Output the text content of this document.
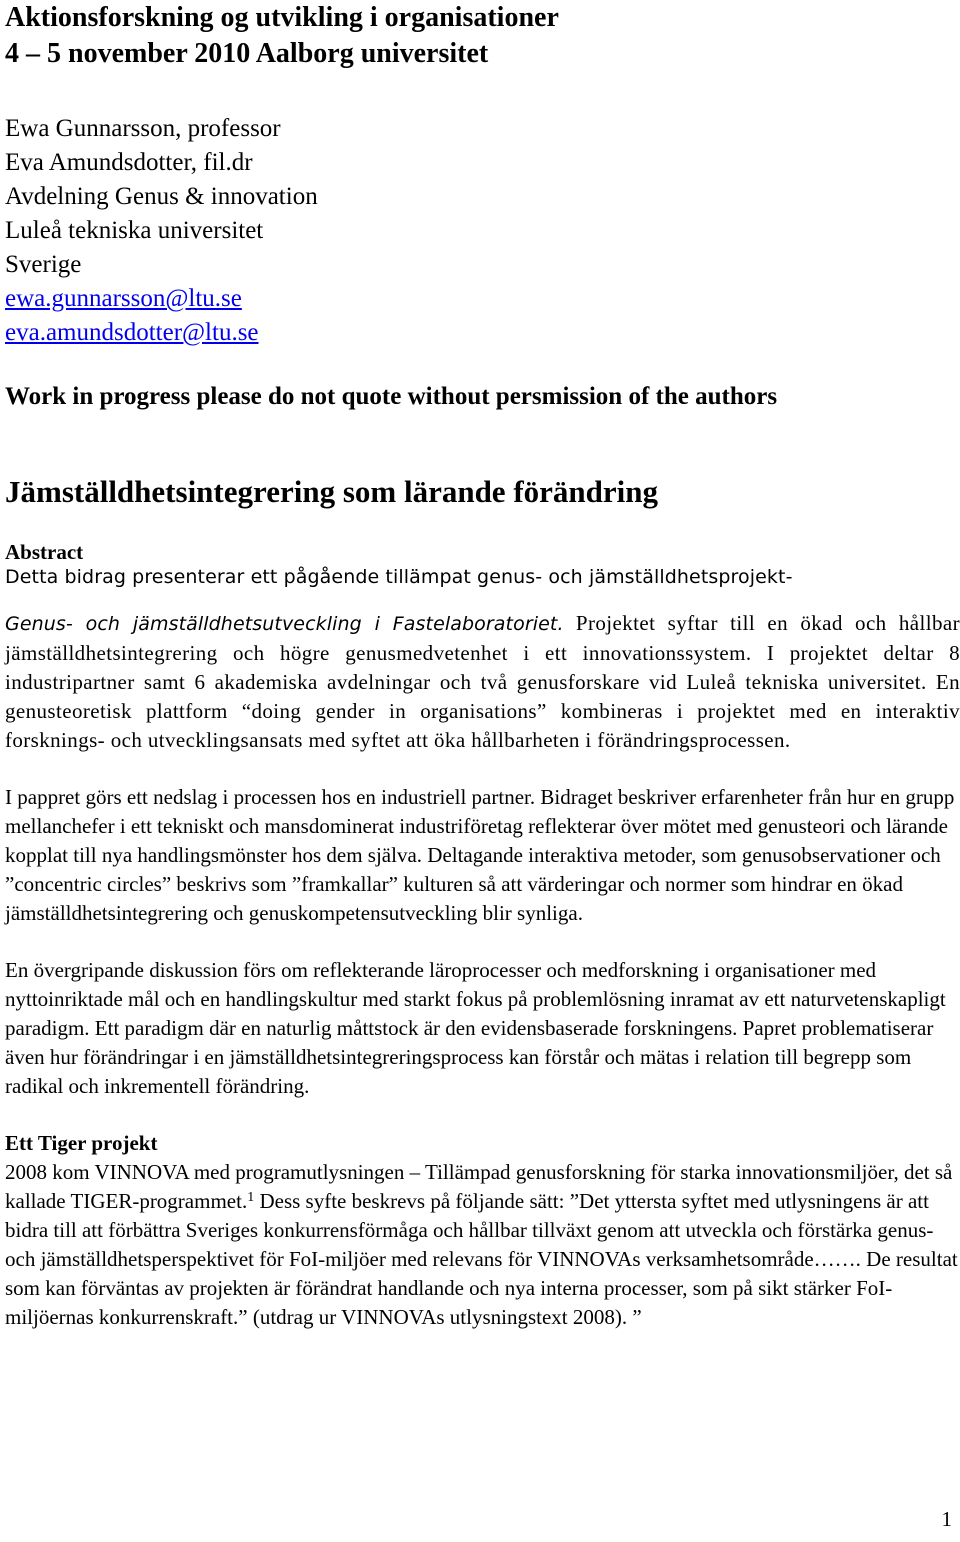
Aktionsforskning og utvikling i organisationer
4 – 5 november 2010 Aalborg universitet
Ewa Gunnarsson, professor
Eva Amundsdotter, fil.dr
Avdelning Genus & innovation
Luleå tekniska universitet
Sverige
ewa.gunnarsson@ltu.se
eva.amundsdotter@ltu.se
Work in progress please do not quote without persmission of the authors
Jämställdhetsintegrering som lärande förändring
Abstract
Detta bidrag presenterar ett pågående tillämpat genus- och jämställdhetsprojekt-

Genus- och jämställdhetsutveckling i Fastelaboratoriet. Projektet syftar till en ökad och hållbar jämställdhetsintegrering och högre genusmedvetenhet i ett innovationssystem. I projektet deltar 8 industripartner samt 6 akademiska avdelningar och två genusforskare vid Luleå tekniska universitet. En genusteoretisk plattform “doing gender in organisations” kombineras i projektet med en interaktiv forsknings- och utvecklingsansats med syftet att öka hållbarheten i förändringsprocessen.

I pappret görs ett nedslag i processen hos en industriell partner. Bidraget beskriver erfarenheter från hur en grupp mellanchefer i ett tekniskt och mansdominerat industriföretag reflekterar över mötet med genusteori och lärande kopplat till nya handlingsmönster hos dem själva. Deltagande interaktiva metoder, som genusobservationer och ”concentric circles” beskrivs som ”framkallar” kulturen så att värderingar och normer som hindrar en ökad jämställdhetsintegrering och genuskompetensutveckling blir synliga.

En övergripande diskussion förs om reflekterande läroprocesser och medforskning i organisationer med nyttoinriktade mål och en handlingskultur med starkt fokus på problemlösning inramat av ett naturvetenskapligt paradigm. Ett paradigm där en naturlig måttstock är den evidensbaserade forskningens. Papret problematiserar även hur förändringar i en jämställdhetsintegreringsprocess kan förstår och mätas i relation till begrepp som radikal och inkrementell förändring.

Ett Tiger projekt

2008 kom VINNOVA med programutlysningen – Tillämpad genusforskning för starka innovationsmiljöer, det så kallade TIGER-programmet.$^1$ Dess syfte beskrevs på följande sätt: ”Det yttersta syftet med utlysningens är att bidra till att förbättra Sveriges konkurrensförmåga och hållbar tillväxt genom att utveckla och förstärka genus- och jämställdhetsperspektivet för FoI-miljöer med relevans för VINNOVAs verksamhetsområde……. De resultat som kan förväntas av projekten är förändrat handlande och nya interna processer, som på sikt stärker FoI-miljöernas konkurrenskraft.” (utdrag ur VINNOVAs utlysningstext 2008). ”

1
